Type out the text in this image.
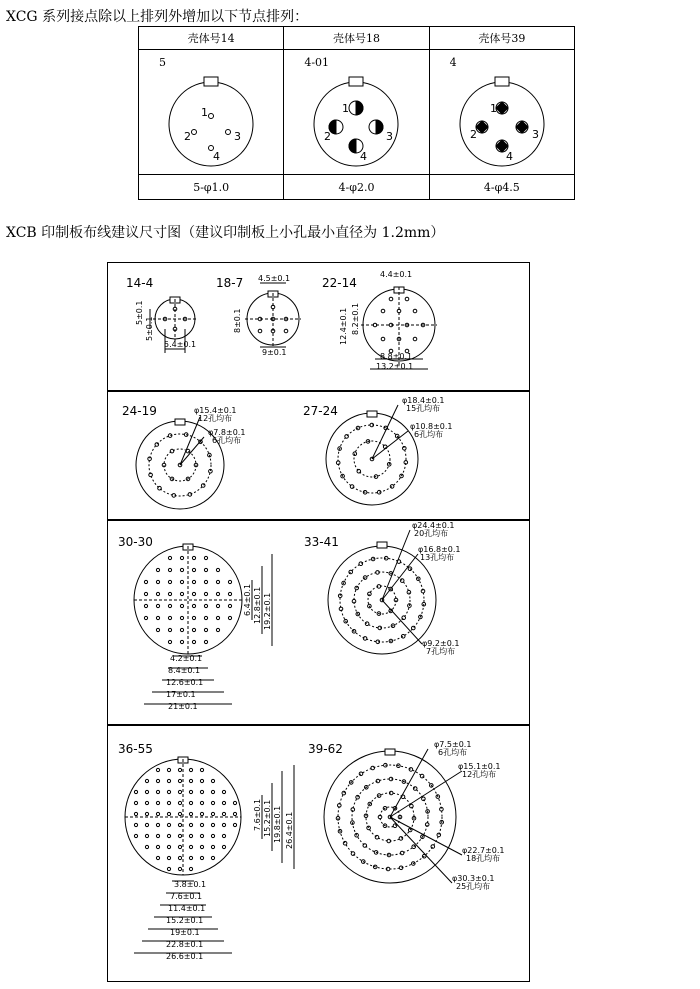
XCG 系列接点除以上排列外增加以下节点排列：
壳体号14	壳体号18	壳体号39

5
1
2 3
4	4-01
1
2 3
4	4
1
2 3
4

5-φ1.0	4-φ2.0	4-φ4.5
XCB 印制板布线建议尺寸图（建议印制板上小孔最小直径为 1.2mm）
14-4	18-7	22-14
5±0.1
5±0.1
5.4±0.1
4.5±0.1
8±0.1
9±0.1
4.4±0.1
12.4±0.1 8.2±0.1
8.8±0.1
13.2±0.1
24-19	27-24
φ15.4±0.1
12孔均布
φ7.8±0.1
6孔均布
φ18.4±0.1
15孔均布
φ10.8±0.1
6孔均布
30-30	33-41
6.4±0.1 12.8±0.1 19.2±0.1
4.2±0.1
8.4±0.1
12.6±0.1
17±0.1
21±0.1
φ24.4±0.1
20孔均布
φ16.8±0.1
13孔均布
φ9.2±0.1
7孔均布
36-55	39-62
7.6±0.1 15.2±0.1 19.8±0.1 26.4±0.1
3.8±0.1
7.6±0.1
11.4±0.1
15.2±0.1
19±0.1
22.8±0.1
26.6±0.1
φ7.5±0.1
6孔均布
φ15.1±0.1
12孔均布
φ22.7±0.1
18孔均布
φ30.3±0.1
25孔均布
